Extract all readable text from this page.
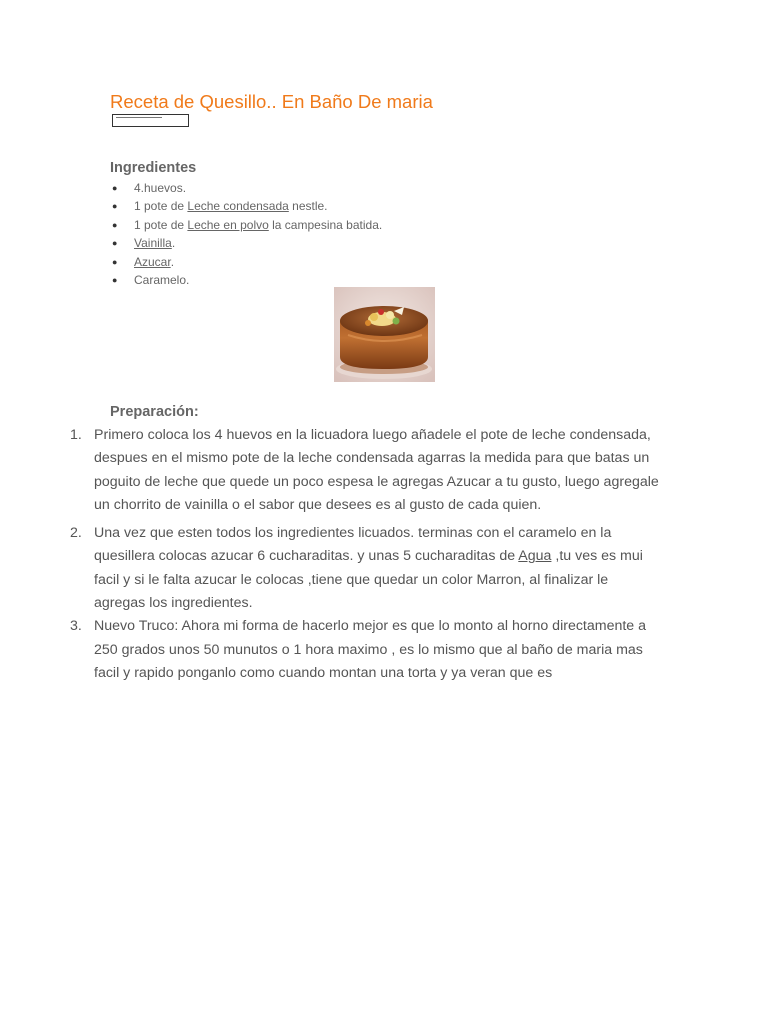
Receta de Quesillo.. En Baño De maria
Ingredientes
● 4.huevos.
● 1 pote de Leche condensada nestle.
● 1 pote de Leche en polvo la campesina batida.
● Vainilla.
● Azucar.
● Caramelo.
Preparación:
1. Primero coloca los 4 huevos en la licuadora luego añadele el pote de leche condensada, despues en el mismo pote de la leche condensada agarras la medida para que batas un poguito de leche que quede un poco espesa le agregas Azucar a tu gusto, luego agregale un chorrito de vainilla o el sabor que desees es al gusto de cada quien.
2. Una vez que esten todos los ingredientes licuados. terminas con el caramelo en la quesillera colocas azucar 6 cucharaditas. y unas 5 cucharaditas de Agua ,tu ves es mui facil y si le falta azucar le colocas ,tiene que quedar un color Marron, al finalizar le agregas los ingredientes.
3. Nuevo Truco: Ahora mi forma de hacerlo mejor es que lo monto al horno directamente a 250 grados unos 50 munutos o 1 hora maximo , es lo mismo que al baño de maria mas facil y rapido ponganlo como cuando montan una torta y ya veran que es
